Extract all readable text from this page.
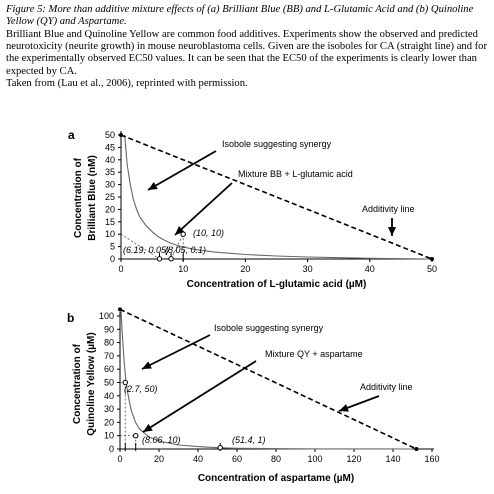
Figure 5: More than additive mixture effects of (a) Brilliant Blue (BB) and L-Glutamic Acid and (b) Quinoline Yellow (QY) and Aspartame.

Brilliant Blue and Quinoline Yellow are common food additives. Experiments show the observed and predicted neurotoxicity (neurite growth) in mouse neuroblastoma cells. Given are the isoboles for CA (straight line) and for the experimentally observed EC50 values. It can be seen that the EC50 of the experiments is clearly lower than expected by CA.

Taken from (Lau et al., 2006), reprinted with permission.

a
0
5
10
15
20
25
30
35
40
45
50
0	10	20	30	40	50
Concentration of L-glutamic acid (µM)
Concentration of Brilliant Blue (nM)	(10, 10)
(6.19, 0.05)
(8.05, 0.1)
Isobole suggesting synergy
Mixture BB + L-glutamic acid
Additivity line
b
0
10
20
30
40
50
60
70
80
90
100
0	20	40	60	80	100	120	140	160
Concentration of aspartame (µM)
Concentration of Quinoline Yellow (µM)	(2.7, 50)
(8.06, 10)	(51.4, 1)
Isobole suggesting synergy
Mixture QY + aspartame
Additivity line
